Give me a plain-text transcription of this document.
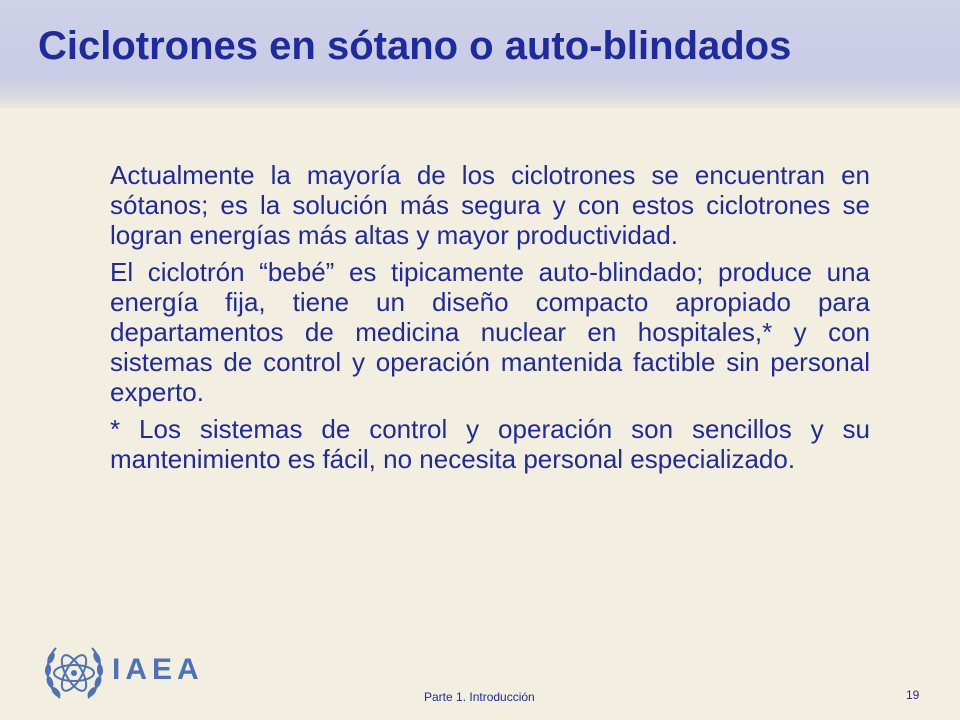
Ciclotrones en sótano o auto-blindados

Actualmente la mayoría de los ciclotrones se encuentran en sótanos; es la solución más segura y con estos ciclotrones se logran energías más altas y mayor productividad.

El ciclotrón “bebé” es tipicamente auto-blindado; produce una energía fija, tiene un diseño compacto apropiado para departamentos de medicina nuclear en hospitales,* y con sistemas de control y operación mantenida factible sin personal experto.

* Los sistemas de control y operación son sencillos y su mantenimiento es fácil, no necesita personal especializado.

IAEA
Parte 1. Introducción	19
